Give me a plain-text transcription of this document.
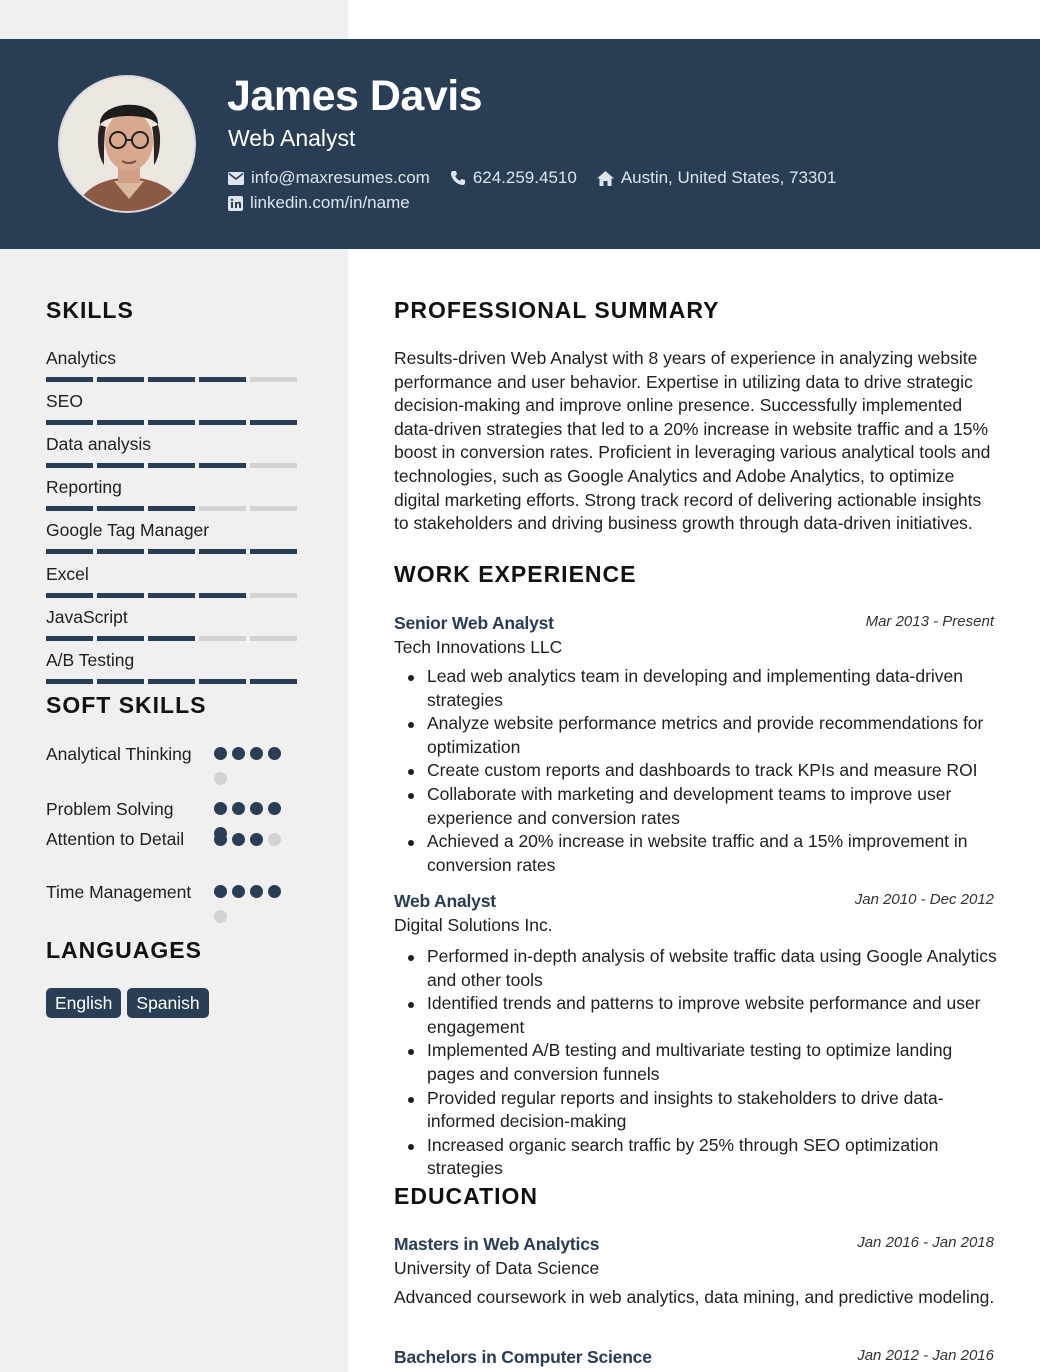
James Davis
Web Analyst
info@maxresumes.com	624.259.4510	Austin, United States, 73301
linkedin.com/in/name
SKILLS
Analytics
SEO
Data analysis
Reporting
Google Tag Manager
Excel
JavaScript
A/B Testing
SOFT SKILLS
Analytical Thinking
Problem Solving
Attention to Detail
Time Management
LANGUAGES
English	Spanish
PROFESSIONAL SUMMARY
Results-driven Web Analyst with 8 years of experience in analyzing website performance and user behavior. Expertise in utilizing data to drive strategic decision-making and improve online presence. Successfully implemented data-driven strategies that led to a 20% increase in website traffic and a 15% boost in conversion rates. Proficient in leveraging various analytical tools and technologies, such as Google Analytics and Adobe Analytics, to optimize digital marketing efforts. Strong track record of delivering actionable insights to stakeholders and driving business growth through data-driven initiatives.
WORK EXPERIENCE
Senior Web Analyst	Mar 2013 - Present
Tech Innovations LLC
Lead web analytics team in developing and implementing data-driven strategies
Analyze website performance metrics and provide recommendations for optimization
Create custom reports and dashboards to track KPIs and measure ROI
Collaborate with marketing and development teams to improve user experience and conversion rates
Achieved a 20% increase in website traffic and a 15% improvement in conversion rates
Web Analyst	Jan 2010 - Dec 2012
Digital Solutions Inc.
Performed in-depth analysis of website traffic data using Google Analytics and other tools
Identified trends and patterns to improve website performance and user engagement
Implemented A/B testing and multivariate testing to optimize landing pages and conversion funnels
Provided regular reports and insights to stakeholders to drive data-informed decision-making
Increased organic search traffic by 25% through SEO optimization strategies
EDUCATION
Masters in Web Analytics	Jan 2016 - Jan 2018
University of Data Science
Advanced coursework in web analytics, data mining, and predictive modeling.
Bachelors in Computer Science	Jan 2012 - Jan 2016
